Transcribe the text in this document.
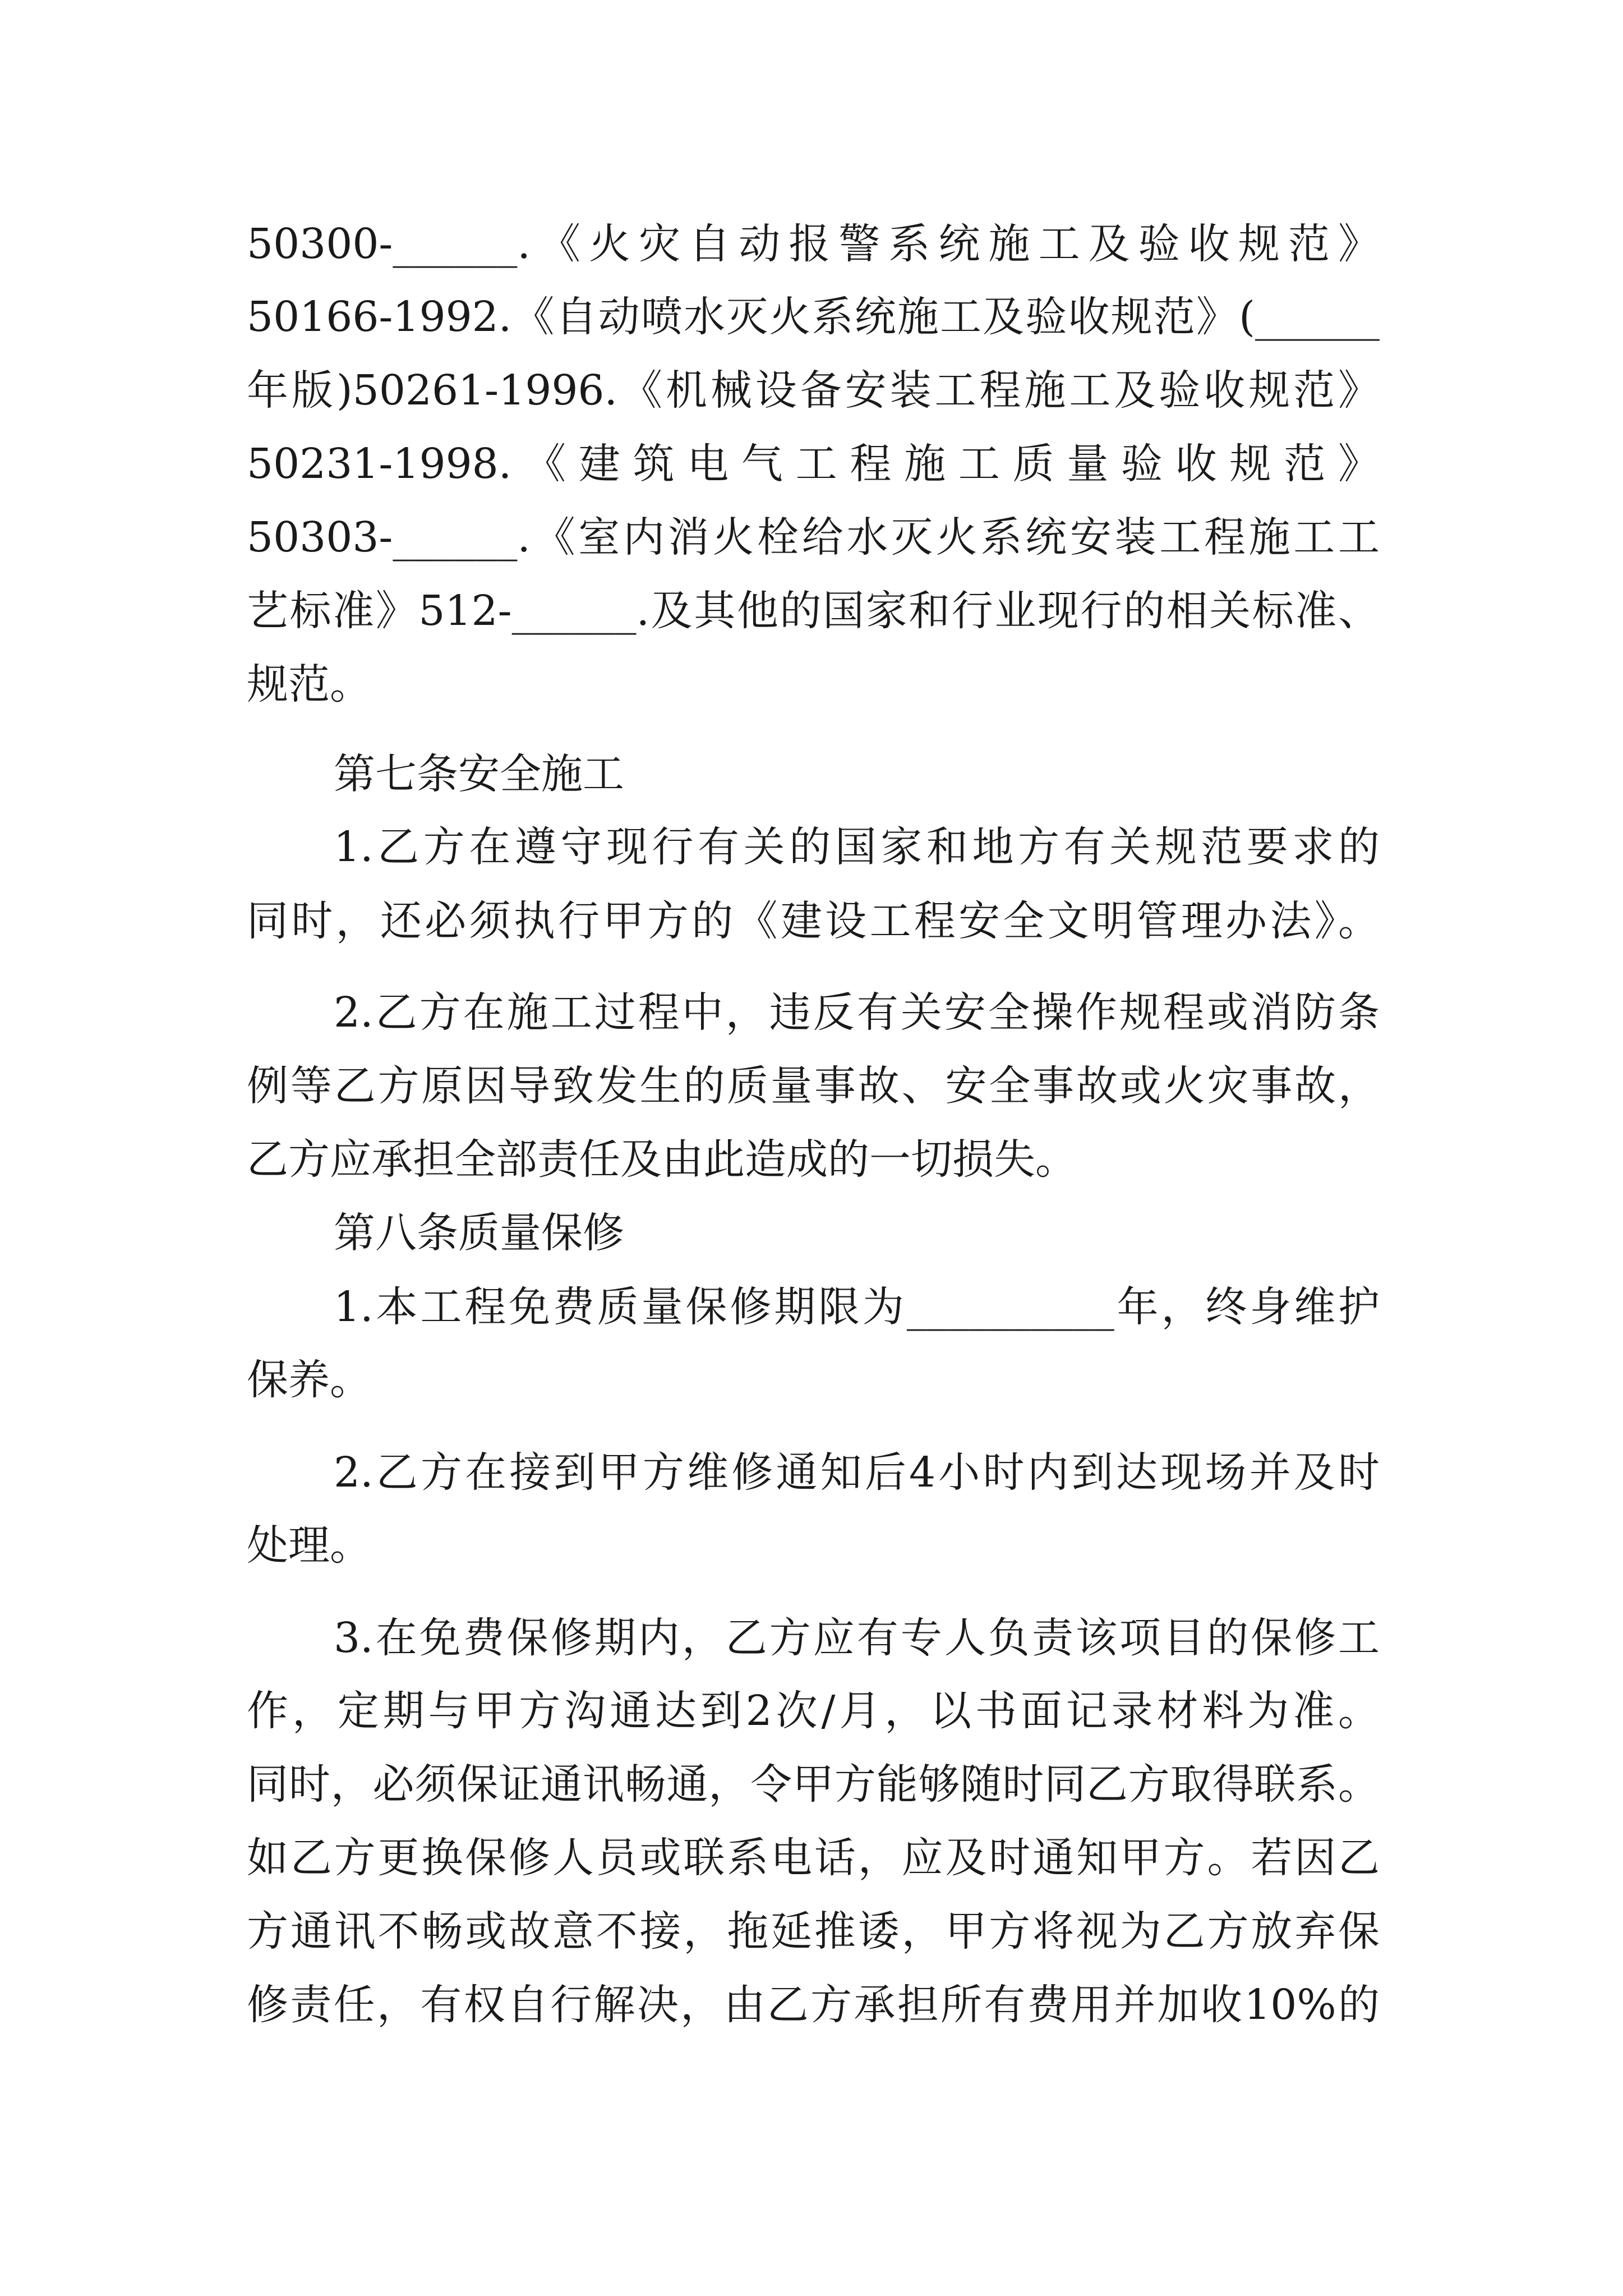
50300-______.《火灾自动报警系统施工及验收规范》
50166-1992.《自动喷水灭火系统施工及验收规范》(______
年版)50261-1996.《机械设备安装工程施工及验收规范》
50231-1998.《建筑电气工程施工质量验收规范》
50303-______.《室内消火栓给水灭火系统安装工程施工工
艺标准》512-______.及其他的国家和行业现行的相关标准、
规范。
第七条安全施工
1.乙方在遵守现行有关的国家和地方有关规范要求的
同时，还必须执行甲方的《建设工程安全文明管理办法》。
2.乙方在施工过程中，违反有关安全操作规程或消防条
例等乙方原因导致发生的质量事故、安全事故或火灾事故，
乙方应承担全部责任及由此造成的一切损失。
第八条质量保修
1.本工程免费质量保修期限为__________年，终身维护
保养。
2.乙方在接到甲方维修通知后4小时内到达现场并及时
处理。
3.在免费保修期内，乙方应有专人负责该项目的保修工
作，定期与甲方沟通达到2次/月，以书面记录材料为准。
同时，必须保证通讯畅通，令甲方能够随时同乙方取得联系。
如乙方更换保修人员或联系电话，应及时通知甲方。若因乙
方通讯不畅或故意不接，拖延推诿，甲方将视为乙方放弃保
修责任，有权自行解决，由乙方承担所有费用并加收10%的
